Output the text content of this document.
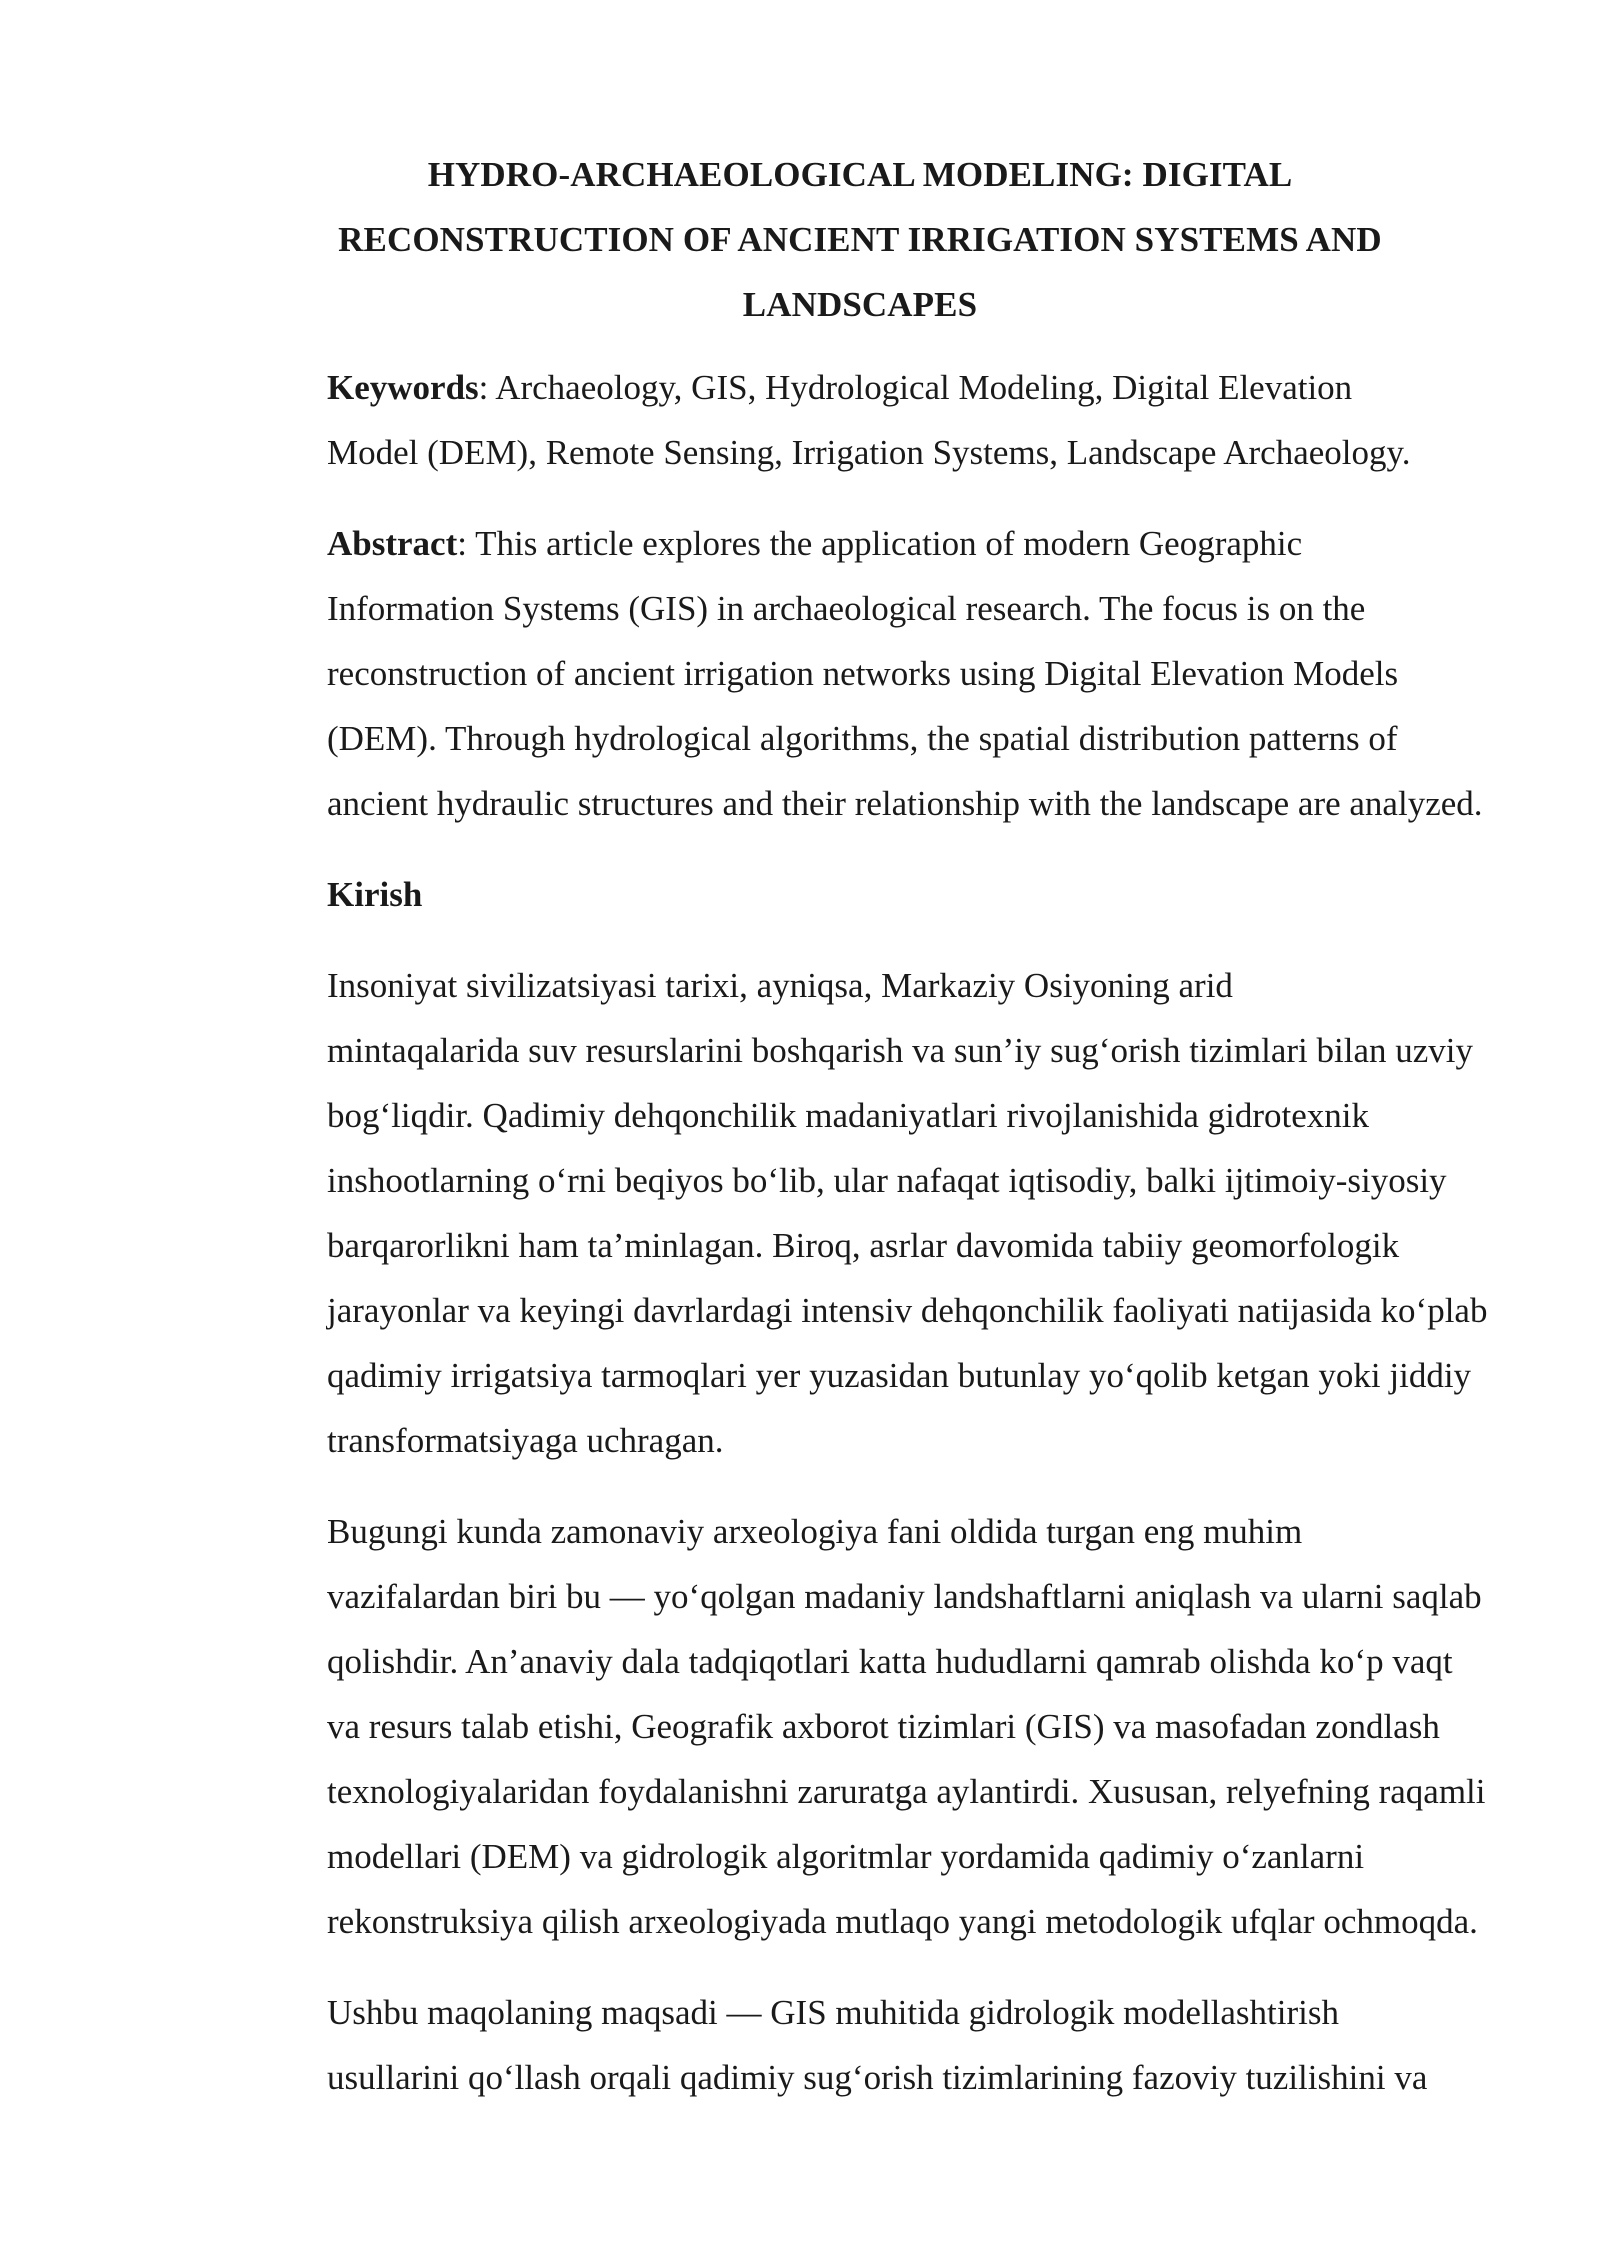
HYDRO-ARCHAEOLOGICAL MODELING: DIGITAL
RECONSTRUCTION OF ANCIENT IRRIGATION SYSTEMS AND
LANDSCAPES

Keywords: Archaeology, GIS, Hydrological Modeling, Digital Elevation
Model (DEM), Remote Sensing, Irrigation Systems, Landscape Archaeology.

Abstract: This article explores the application of modern Geographic
Information Systems (GIS) in archaeological research. The focus is on the
reconstruction of ancient irrigation networks using Digital Elevation Models
(DEM). Through hydrological algorithms, the spatial distribution patterns of
ancient hydraulic structures and their relationship with the landscape are analyzed.

Kirish

Insoniyat sivilizatsiyasi tarixi, ayniqsa, Markaziy Osiyoning arid
mintaqalarida suv resurslarini boshqarish va sun’iy sug‘orish tizimlari bilan uzviy
bog‘liqdir. Qadimiy dehqonchilik madaniyatlari rivojlanishida gidrotexnik
inshootlarning o‘rni beqiyos bo‘lib, ular nafaqat iqtisodiy, balki ijtimoiy-siyosiy
barqarorlikni ham ta’minlagan. Biroq, asrlar davomida tabiiy geomorfologik
jarayonlar va keyingi davrlardagi intensiv dehqonchilik faoliyati natijasida ko‘plab
qadimiy irrigatsiya tarmoqlari yer yuzasidan butunlay yo‘qolib ketgan yoki jiddiy
transformatsiyaga uchragan.

Bugungi kunda zamonaviy arxeologiya fani oldida turgan eng muhim
vazifalardan biri bu — yo‘qolgan madaniy landshaftlarni aniqlash va ularni saqlab
qolishdir. An’anaviy dala tadqiqotlari katta hududlarni qamrab olishda ko‘p vaqt
va resurs talab etishi, Geografik axborot tizimlari (GIS) va masofadan zondlash
texnologiyalaridan foydalanishni zaruratga aylantirdi. Xususan, relyefning raqamli
modellari (DEM) va gidrologik algoritmlar yordamida qadimiy o‘zanlarni
rekonstruksiya qilish arxeologiyada mutlaqo yangi metodologik ufqlar ochmoqda.

Ushbu maqolaning maqsadi — GIS muhitida gidrologik modellashtirish
usullarini qo‘llash orqali qadimiy sug‘orish tizimlarining fazoviy tuzilishini va
